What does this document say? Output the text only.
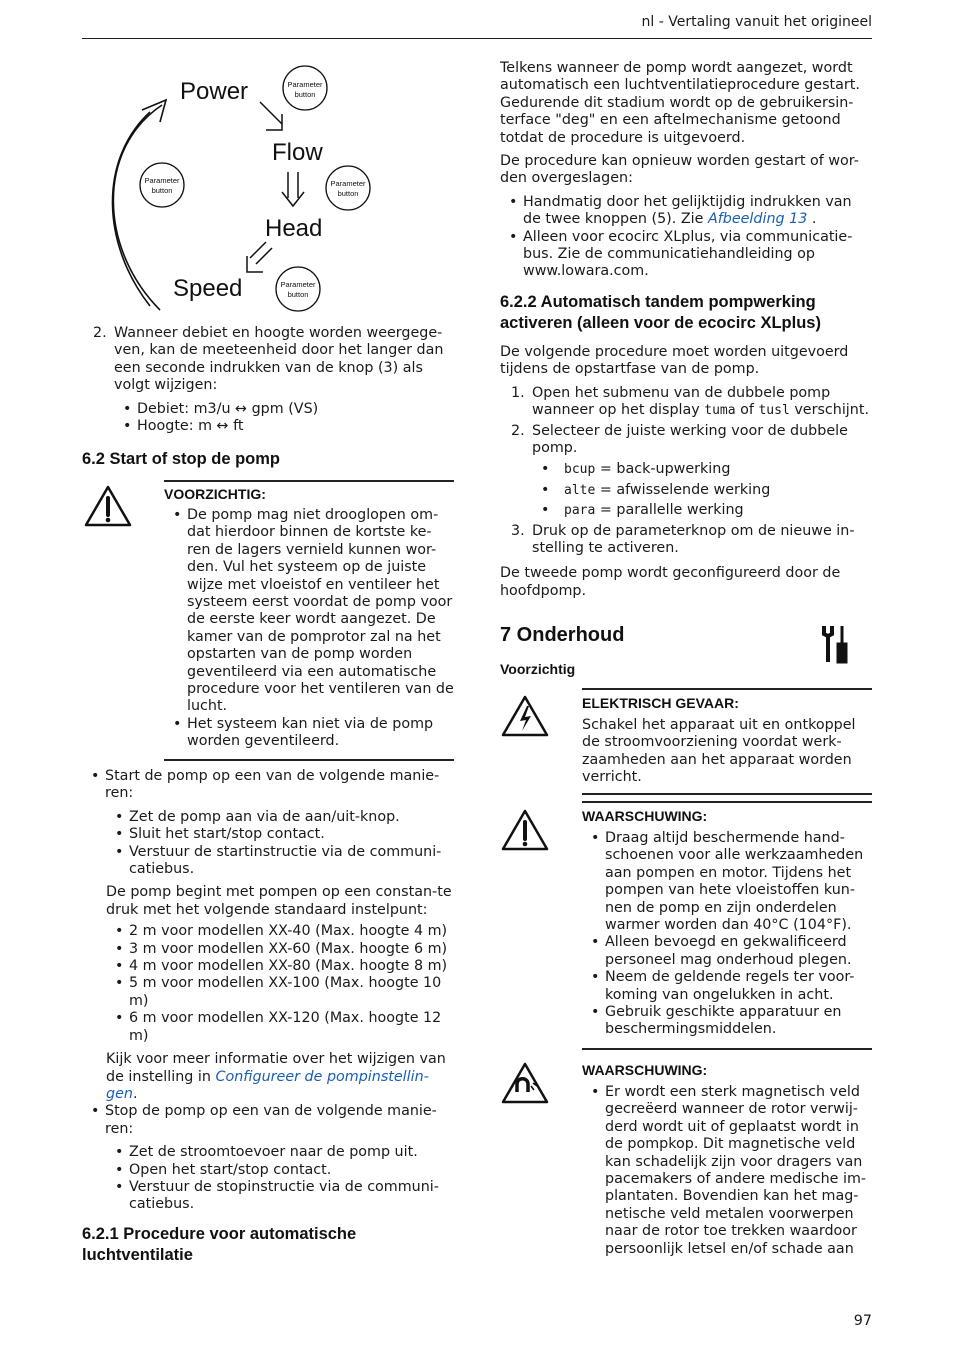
nl - Vertaling vanuit het origineel
Power
Flow
Head
Speed
Parameter
button
Parameter
button
Parameter
button
Parameter
button
2. Wanneer debiet en hoogte worden weergege-ven, kan de meeteenheid door het langer dan een seconde indrukken van de knop (3) als volgt wijzigen:
• Debiet: m3/u ↔ gpm (VS)
• Hoogte: m ↔ ft
6.2 Start of stop de pomp
VOORZICHTIG:
• De pomp mag niet drooglopen om-dat hierdoor binnen de kortste ke-ren de lagers vernield kunnen wor-den. Vul het systeem op de juiste wijze met vloeistof en ventileer het systeem eerst voordat de pomp voor de eerste keer wordt aangezet. De kamer van de pomprotor zal na het opstarten van de pomp worden geventileerd via een automatische procedure voor het ventileren van de lucht.
• Het systeem kan niet via de pomp worden geventileerd.
• Start de pomp op een van de volgende manie-ren:
• Zet de pomp aan via de aan/uit-knop.
• Sluit het start/stop contact.
• Verstuur de startinstructie via de communi-catiebus.
De pomp begint met pompen op een constan-te druk met het volgende standaard instelpunt:
• 2 m voor modellen XX-40 (Max. hoogte 4 m)
• 3 m voor modellen XX-60 (Max. hoogte 6 m)
• 4 m voor modellen XX-80 (Max. hoogte 8 m)
• 5 m voor modellen XX-100 (Max. hoogte 10 m)
• 6 m voor modellen XX-120 (Max. hoogte 12 m)
Kijk voor meer informatie over het wijzigen van de instelling in Configureer de pompinstellin-gen.
• Stop de pomp op een van de volgende manie-ren:
• Zet de stroomtoevoer naar de pomp uit.
• Open het start/stop contact.
• Verstuur de stopinstructie via de communi-catiebus.
6.2.1 Procedure voor automatische luchtventilatie

Telkens wanneer de pomp wordt aangezet, wordt automatisch een luchtventilatieprocedure gestart. Gedurende dit stadium wordt op de gebruikersin-terface "deg" en een aftelmechanisme getoond totdat de procedure is uitgevoerd.

De procedure kan opnieuw worden gestart of wor-den overgeslagen:

• Handmatig door het gelijktijdig indrukken van de twee knoppen (5). Zie Afbeelding 13 .
• Alleen voor ecocirc XLplus, via communicatie-bus. Zie de communicatiehandleiding op www.lowara.com.
6.2.2 Automatisch tandem pompwerking activeren (alleen voor de ecocirc XLplus)

De volgende procedure moet worden uitgevoerd tijdens de opstartfase van de pomp.

1. Open het submenu van de dubbele pomp wanneer op het display tuma of tusl verschijnt.
2. Selecteer de juiste werking voor de dubbele pomp.
• bcup = back-upwerking
• alte = afwisselende werking
• para = parallelle werking
3. Druk op de parameterknop om de nieuwe in-stelling te activeren.

De tweede pomp wordt geconfigureerd door de hoofdpomp.

7 Onderhoud
Voorzichtig
ELEKTRISCH GEVAAR:
Schakel het apparaat uit en ontkoppel de stroomvoorziening voordat werk-zaamheden aan het apparaat worden verricht.
WAARSCHUWING:
• Draag altijd beschermende hand-schoenen voor alle werkzaamheden aan pompen en motor. Tijdens het pompen van hete vloeistoffen kun-nen de pomp en zijn onderdelen warmer worden dan 40°C (104°F).
• Alleen bevoegd en gekwalificeerd personeel mag onderhoud plegen.
• Neem de geldende regels ter voor-koming van ongelukken in acht.
• Gebruik geschikte apparatuur en beschermingsmiddelen.
WAARSCHUWING:
• Er wordt een sterk magnetisch veld gecreëerd wanneer de rotor verwij-derd wordt uit of geplaatst wordt in de pompkop. Dit magnetische veld kan schadelijk zijn voor dragers van pacemakers of andere medische im-plantaten. Bovendien kan het mag-netische veld metalen voorwerpen naar de rotor toe trekken waardoor persoonlijk letsel en/of schade aan
97
